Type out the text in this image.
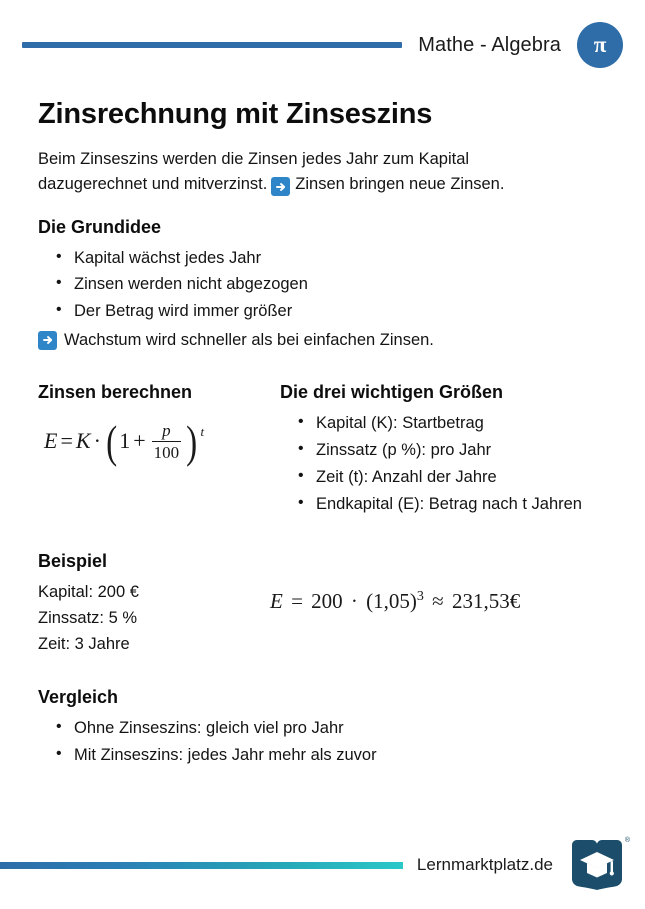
Mathe - Algebra π
Zinsrechnung mit Zinseszins

Beim Zinseszins werden die Zinsen jedes Jahr zum Kapital dazugerechnet und mitverzinst. Zinsen bringen neue Zinsen.

Die Grundidee
• Kapital wächst jedes Jahr
• Zinsen werden nicht abgezogen
• Der Betrag wird immer größer
Wachstum wird schneller als bei einfachen Zinsen.
Zinsen berechnen
E = K · ( $1 + \frac{p}{100}$ ) t
Die drei wichtigen Größen
• Kapital (K): Startbetrag
• Zinssatz (p %): pro Jahr
• Zeit (t): Anzahl der Jahre
• Endkapital (E): Betrag nach t Jahren
Beispiel
Kapital: 200 €
Zinssatz: 5 %
Zeit: 3 Jahre
$E = 200 \cdot (1,05)^3$ ≈ 231,53€
Vergleich
• Ohne Zinseszins: gleich viel pro Jahr
• Mit Zinseszins: jedes Jahr mehr als zuvor
Lernmarktplatz.de
®
